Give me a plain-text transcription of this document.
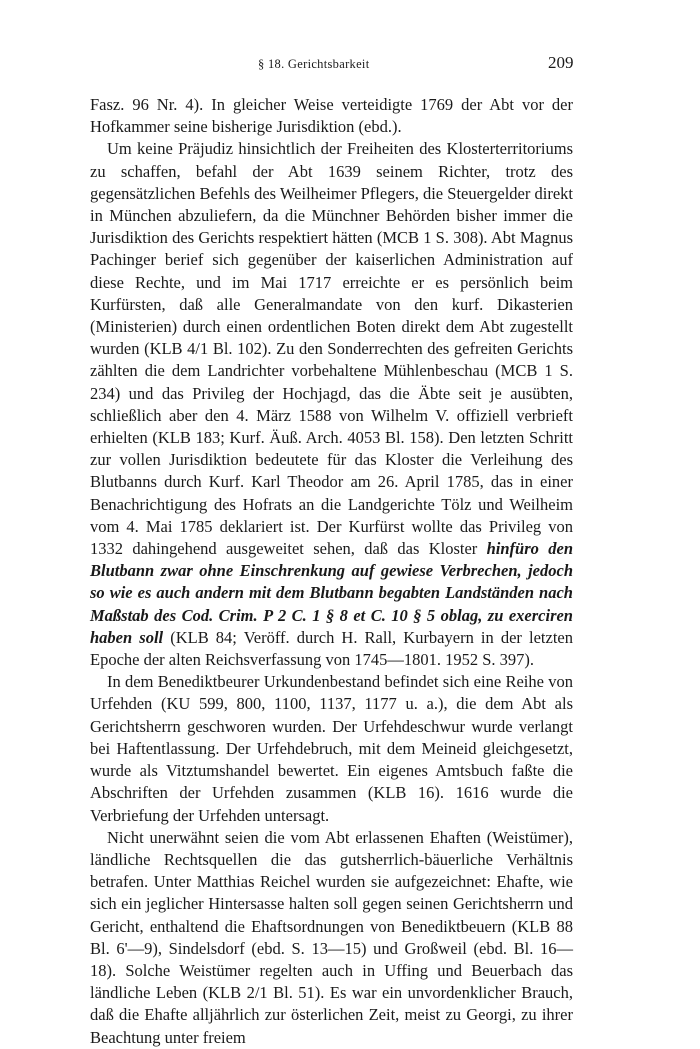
§ 18. Gerichtsbarkeit	209

Fasz. 96 Nr. 4). In gleicher Weise verteidigte 1769 der Abt vor der Hofkammer seine bisherige Jurisdiktion (ebd.).

Um keine Präjudiz hinsichtlich der Freiheiten des Klosterterritoriums zu schaffen, befahl der Abt 1639 seinem Richter, trotz des gegensätzlichen Befehls des Weilheimer Pflegers, die Steuergelder direkt in München abzuliefern, da die Münchner Behörden bisher immer die Jurisdiktion des Gerichts respektiert hätten (MCB 1 S. 308). Abt Magnus Pachinger berief sich gegenüber der kaiserlichen Administration auf diese Rechte, und im Mai 1717 erreichte er es persönlich beim Kurfürsten, daß alle Generalmandate von den kurf. Dikasterien (Ministerien) durch einen ordentlichen Boten direkt dem Abt zugestellt wurden (KLB 4/1 Bl. 102). Zu den Sonderrechten des gefreiten Gerichts zählten die dem Landrichter vorbehaltene Mühlenbeschau (MCB 1 S. 234) und das Privileg der Hochjagd, das die Äbte seit je ausübten, schließlich aber den 4. März 1588 von Wilhelm V. offiziell verbrieft erhielten (KLB 183; Kurf. Äuß. Arch. 4053 Bl. 158). Den letzten Schritt zur vollen Jurisdiktion bedeutete für das Kloster die Verleihung des Blutbanns durch Kurf. Karl Theodor am 26. April 1785, das in einer Benachrichtigung des Hofrats an die Landgerichte Tölz und Weilheim vom 4. Mai 1785 deklariert ist. Der Kurfürst wollte das Privileg von 1332 dahingehend ausgeweitet sehen, daß das Kloster hinfüro den Blutbann zwar ohne Einschrenkung auf gewiese Verbrechen, jedoch so wie es auch andern mit dem Blutbann begabten Landständen nach Maßstab des Cod. Crim. P 2 C. 1 § 8 et C. 10 § 5 oblag, zu exerciren haben soll (KLB 84; Veröff. durch H. Rall, Kurbayern in der letzten Epoche der alten Reichsverfassung von 1745—1801. 1952 S. 397).

In dem Benediktbeurer Urkundenbestand befindet sich eine Reihe von Urfehden (KU 599, 800, 1100, 1137, 1177 u. a.), die dem Abt als Gerichtsherrn geschworen wurden. Der Urfehdeschwur wurde verlangt bei Haftentlassung. Der Urfehdebruch, mit dem Meineid gleichgesetzt, wurde als Vitztumshandel bewertet. Ein eigenes Amtsbuch faßte die Abschriften der Urfehden zusammen (KLB 16). 1616 wurde die Verbriefung der Urfehden untersagt.

Nicht unerwähnt seien die vom Abt erlassenen Ehaften (Weistümer), ländliche Rechtsquellen die das gutsherrlich-bäuerliche Verhältnis betrafen. Unter Matthias Reichel wurden sie aufgezeichnet: Ehafte, wie sich ein jeglicher Hintersasse halten soll gegen seinen Gerichtsherrn und Gericht, enthaltend die Ehaftsordnungen von Benediktbeuern (KLB 88 Bl. 6'—9), Sindelsdorf (ebd. S. 13—15) und Großweil (ebd. Bl. 16—18). Solche Weistümer regelten auch in Uffing und Beuerbach das ländliche Leben (KLB 2/1 Bl. 51). Es war ein unvordenklicher Brauch, daß die Ehafte alljährlich zur österlichen Zeit, meist zu Georgi, zu ihrer Beachtung unter freiem
